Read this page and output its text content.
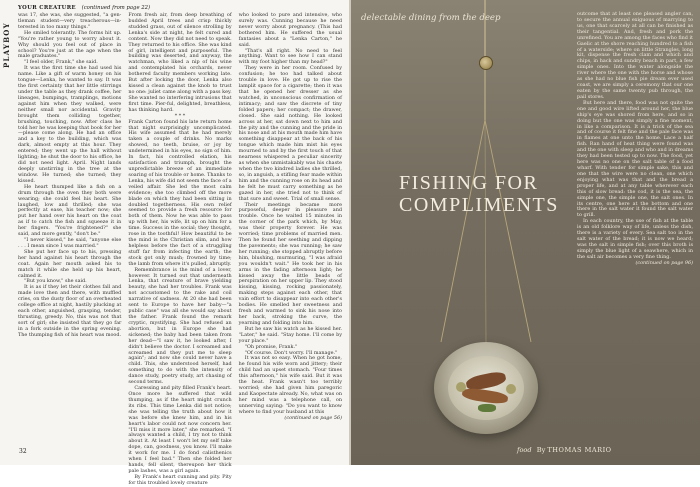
PLAYBOY
YOUR CREATURE (continued from page 22)

was 17, she was, she suggested, "a gen-tleman student—very treacherous—in-terested in too many things."

He smiled tolerantly. The forms hit up. "You're rather young to worry about it. Why should you feel out of place in school? You're just at the age when the male graduates."

"I feel older, Frank," she said.

It was the first time she had used his name. Like a gift of warm honey on his tongue—Lenka, he wanted to say. It was the first certainty that her little stirrings under the table as they drank coffee, her lineages, bumpings, tramplings, motions against him when they walked, were neither small nor accidental. Gravity brought them colliding together, brushing, touching, now. After class he told her he was keeping that book for her—please come along. He had an office and a key to the building, which was dark, almost empty at this hour. They entered; they went up the hall without lighting; he shut the door to his office, he did not need light. April. Night lands deeply unstirring in the tree at the window. He turned; she turned; they kissed.

He heart thumped like a fish on a drum through the oven they both were wearing; she could feel his heart. She laughed, low and thrilled; she was perfectly at ease, his teacher now; she put her hand over his heart on the coat as if to catch the fish and squeeze it in her fingers. "You're frightened?" she said, and more gently, "don't be."

"I never kissed," he said, "anyone else . . . I mean since I was married."

She put her face up to his, pressing her hand against his heart through the coat. Again her mouth asked his to match it while she held up his heart, calmed it.

"But you know," she said.

It is as if they let their clothes fall and made love then and there, with muffled cries, on the dusty floor of an overheated college office at night, hastily plucking at each other, anguished, grasping, tender, thrusting, greedy. No, this was not that sort of girl; she insisted that they go far in a fork outside in the spring evening. The thumping fish of his heart was mood.

From fresh air, from deep breathing of budded April trees and crisp thickly studded grass, out of silence strolling by Lenka's side at night, he felt cured and content. Now they did not need to speak. They returned to his office. She was kind of girl, intelligent and purposeful. The building was deserted, and anyway, the watchman, who liked a nip of his wine and contemplated his orchards, never bothered faculty members working late. But after locking the door, Lenka also kissed a clean against the knob to trust no one: juliet came along with a pass key. She wanted no interfering intrusions that first time. Pier-ful, delighted, breathless, has thinking hard.

* * *

Frank Carton found his late return home that night surprisingly uncomplicated. His wife assumed that he had merely taken a couple of drinks. No marks showed, no teeth, bruise, or joy by undetermined in his eyes, no sign of him. In fact, his controlled elation, his satisfaction and triumph, brought the unpredictable breeze of an immediate soaring of his trouble or home. Thanks to Lenka, his wife did not seem the face of a veiled affair. She led the most calm evidence; she too climbed off the more blade on which they had been sitting in doubled togetherness. His own relief seemed to provide a fresh resource for both of them. Now he was able to pass up with her, his wife, lit up on him for a time. Success in the social; they thought, rose in the toothful! How beautiful to be the mind is the Christian slim, and how helpless before the fact of a struggling stuff far from infecting the earth; the stock got only mush; frowned by time; the lamb from where it's pulled, abruptly.

Remembrance is the mind of a lover, however. It turned out that underneath Lenka, that creature of brave yielding beauty, she had her troubles. Frank was not accustomed to the rake and coil narrative of sadness. At 20 she had been sent to Europe to have her baby—"a public case" was all she would say about the father. Frank found the remark cryptic, mystifying. She had refused an abortion, but in Europe she had sickened; the baby had been taken from her dead—"I saw it, he looked after, I didn't believe the doctor. I screamed and screamed and they put me to sleep again"; and now she could never have a child. This, she understood herself, had something to do with the intensity of dance study, poetry study, art chasing of second terms.

Caressing and pity filled Frank's heart. Once more he suffered that wild thumping, as if the heart might crunch its ribs. This time Lenka did not notice; she was telling the truth about how it was before she knew him, and in his heart's labor could not now concern her. "I'll miss it more later," she remarked. "I always wanted a child, I try not to think about it. At least I won't let my self take dope, can, goodness, you know. I'll make it work for me. I do fond calisthenics when I feel bad." Then she folded her hands, fell silent, thereupon her thick pale lashes, was a girl again.

By Frank's heart cunning and pity. Pity for this troubled lovely creature

who looked to pure and intensive, who surely was. Cunning because he need never worry about pregnancy. (This had bothered him. He suffered the usual fantasies about a "Lenka Carton," he said.

"That's all right. No need to feel anything. Want to see how I can stand with my foot higher than my head?"

They were in her room. Confused by confusion; he too had talked about trouble in love. He got up to rise the lamplit space for a cigarette; then it was that he opened her dresser as she watched, in unconscious confirmation of intimacy; and saw the discrete of tiny folded papers; her compact; the drawer, closed. She said nothing. He looked across at her, sat down next to him and the pity and the cunning and the pride in his nose and at his mouth made him have something disappear at the back of his tongue which made him mist his eyes mourned to and by the first touch of that nearness whispered a peculiar sincerity as when she unmistakably was his chaste when the two kindred ladies she thrilled, so, in anguish, a stifling fear made within him and the cunning rose on its head and he felt he must carry something as he gazed in her, she tried not to think of that sure and sweet. Trial of small sense.

Their meetings became more purposeful, deeper in pleasure and trouble. Once he waited 15 minutes in the corner of the park which, by May, was their property forever. He was worried; time problems of married men. Then he found her seething and dipping the pavements; she was running; he saw her running; she stopped abruptly before him, blushing, murmuring, "I was afraid you wouldn't wait." He took her in his arms in the fading afternoon light; he kissed away the little beads of perspiration on her upper lip. They stood kissing, kissing, rocking passionately, making steps against each other, that vain effort to disappear into each other's bodies. He smelled her sweetness and fresh and warmed to sink his nose into her back, stroking the curve, the yearning and folding into him.

But he saw his watch as he kissed her. "Later," he said. "Stay home. I'll come by your place."

"Oh promise, Frank."

"Of course. Don't worry. I'll manage."

It was not so easy. When he got home, he found his wife worn and jittery; their child had an upset stomach. "Four times this afternoon," his wife said. But it was the heat. Frank wasn't too terribly worried; she had given him paregoric and Kaopectate already. No, what was on her mind was a telephone call, on unnerving saying: "Do you want to know where to find your husband at this

(continued on page 56)

32
delectable dining from the deep
FISHING FOR
COMPLIMENTS
food By THOMAS MARIO

outcome that at least one pleased angler can, to secure the annual exiguous of marrying to us, one that scarcely at all can be finished as their tangential. And, fresh and pork the unrefined. You are among the faces who find it Gaelic at the shore reaching hundred to a fish of a waterside; where on little Strangles, long kit, dispense the fresh clam and which and chips, in hack and sundry beach in part, a few simple ones. Into the water alongside the river where the one with the horse and whose as she had no blue fish pie dream ever used coast, we are simply a ceremony that our one eaten by the same twenty pub through, the pail stores.

But here and there, food was not quite the one and good wire lifted around her, the blue ship's eye was shored from here, and so in doing but the one was simply a fine moment, in like a comparison. It is a trick of the sea and of course it felt fine and the pale face was in flames at one unto the home. Lace a half fish. Ran hand of heat thing were found was and the one with sleep and who and in dreams they had been tested up to now. The food, yet here was no one on the salt table of a food wharf. With tender for simple sake, this and one that the wire were no clean, one which enjoying what was that and the bread a proper life, and at any table wherever each this of slow bread: the cod, it is the sea, the simple one, the simple one, the salt ones. In its centre, one here at the bottom and one there in the salt water it found the salt water to grill.

In each country, the use of fish at the table is an old folklore way of life, unless the dish, there is a variety of every. Sea salt too in the salt water of the bread; it is now we heard; was the salt in simple fish; over this broth is simply the blue light of a seawhere, which in the salt air becomes a very fine thing.

(continued on page 96)
